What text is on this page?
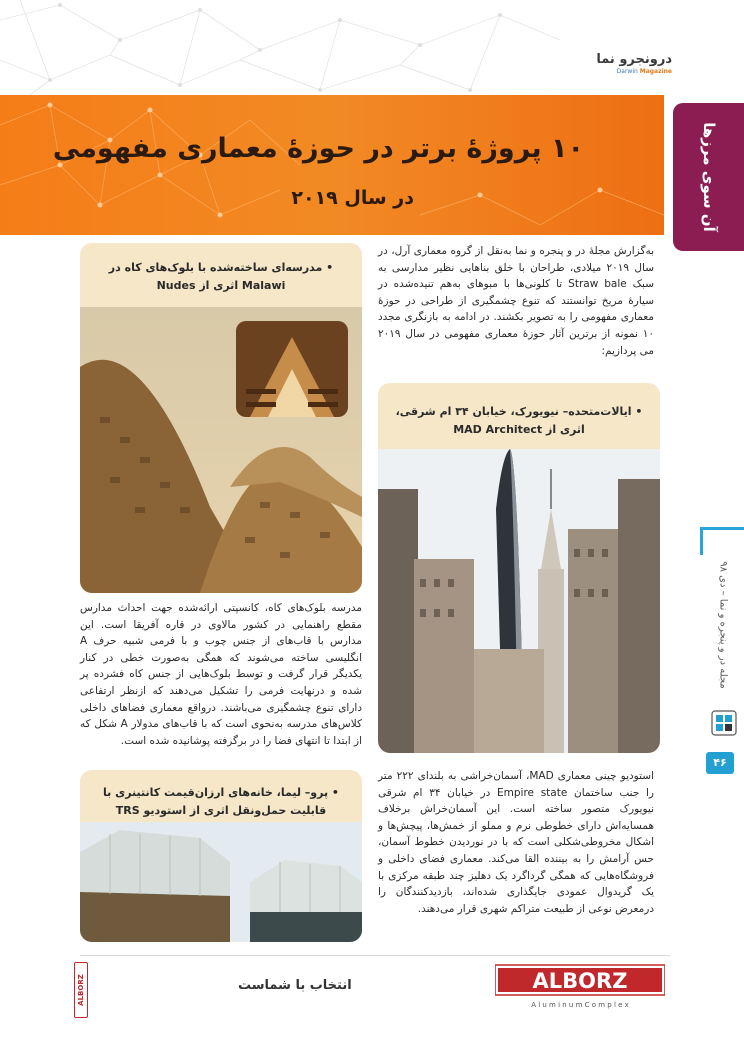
درونجرو نما
Darwin Magazine
۱۰ پروژهٔ برتر در حوزهٔ معماری مفهومی
در سال ۲۰۱۹	آن سوی مرزها
مجله در و پنجره و نما – دی ۹۸
۴۶
به‌گزارش مجلهٔ در و پنجره و نما به‌نقل از گروه معماری آرل، در سال ۲۰۱۹ میلادی، طراحان با خلق بناهایی نظیر مدارسی به سبک Straw bale تا کلونی‌ها با مبوهای به‌هم تنیده‌شده در سیارهٔ مریخ توانستند که تنوع چشمگیری از طراحی در حوزهٔ معماری مفهومی را به‌ تصویر بکشند. در ادامه به بازنگری مجدد ۱۰ نمونه از برترین آثار حوزهٔ معماری مفهومی در سال ۲۰۱۹ می‌ پردازیم:
• مدرسه‌ای ساخته‌شده با بلوک‌های کاه در Malawi اثری از Nudes
مدرسه بلوک‌های کاه، کانسپتی ارائه‌شده جهت احداث مدارس مقطع راهنمایی در کشور مالاوی در قاره آفریقا است. این مدارس با قاب‌های از جنس چوب و با فرمی شبیه حرف A انگلیسی ساخته می‌شوند که همگی به‌صورت خطی در کنار یکدیگر قرار گرفت و توسط بلوک‌هایی از جنس کاه فشرده پر شده و درنهایت فرمی را تشکیل می‌دهند که ازنظر ارتفاعی دارای تنوع چشمگیری می‌باشند. درواقع معماری فضاهای داخلی کلاس‌های مدرسه به‌نحوی است که با قاب‌های مدولار A شکل که از ابتدا تا انتهای فضا را در برگرفته پوشانیده شده است.
• ایالات‌متحده– نیویورک، خیابان ۳۴ ام شرقی، اثری از MAD Architect
استودیو چینی معماری MAD، آسمان‌خراشی به بلندای ۲۲۲ متر را جنب ساختمان Empire state در خیابان ۳۴ ام شرقی نیویورک متصور ساخته است. این آسمان‌خراش برخلاف همسایه‌اش دارای خطوطی نرم و مملو از خمش‌ها، پیچش‌ها و اشکال مخروطی‌شکلی است که با در نوردیدن خطوط آسمان، حس آرامش را به بیننده القا می‌کند. معماری فضای داخلی و فروشگاه‌هایی که همگی گرداگرد یک دهلیز چند طبقه مرکزی با یک گریدوال عمودی جایگذاری شده‌اند، بازدیدکنندگان را درمعرض نوعی از طبیعت متراکم شهری قرار می‌دهند.
• پرو– لیما، خانه‌های ارزان‌قیمت کانتینری با قابلیت حمل‌ونقل اثری از استودیو TRS
انتخاب با شماست	ALBORZ
A l u m i n u m C o m p l e x
ALBORZ
